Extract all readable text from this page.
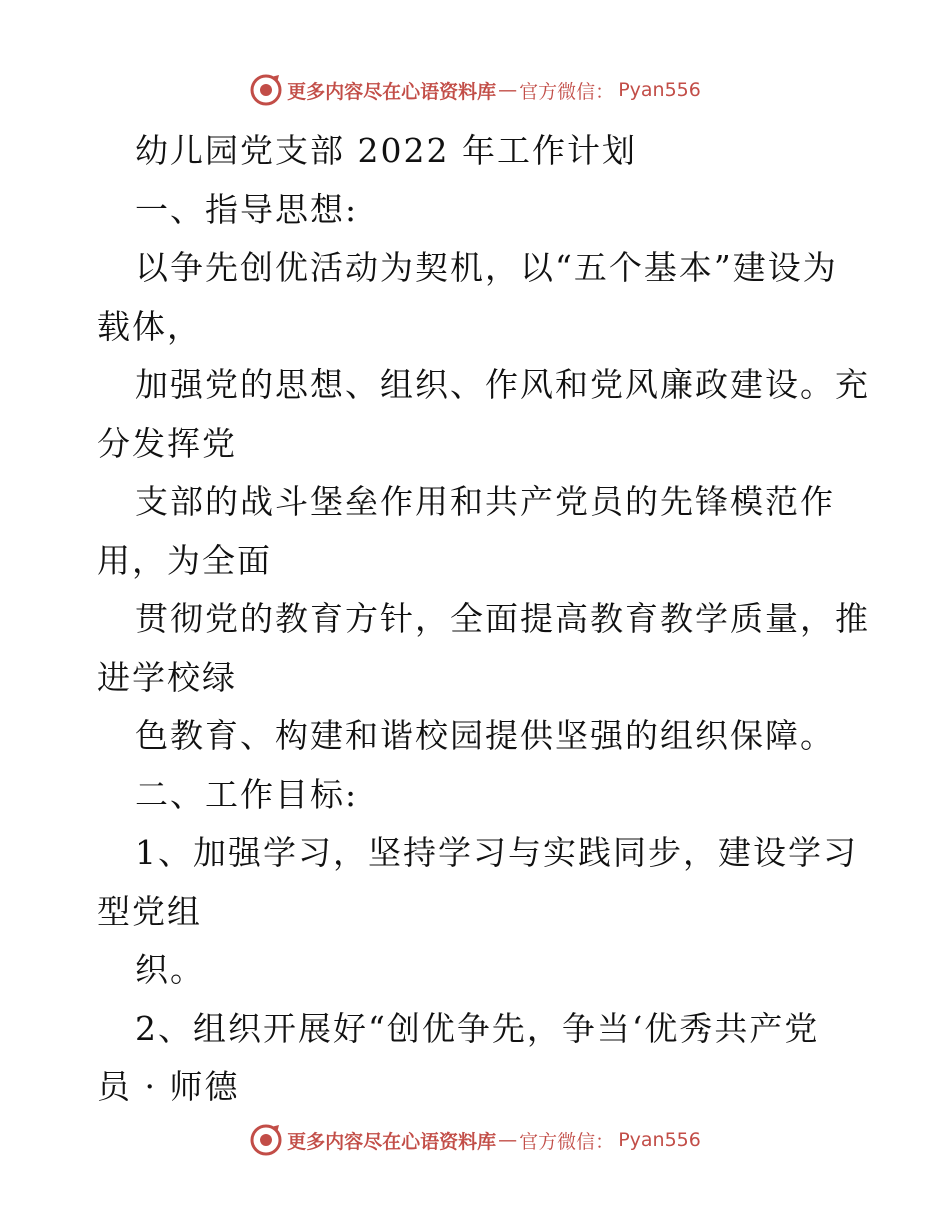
更多内容尽在心语资料库 — 官方微信： Pyan556
幼儿园党支部 2022 年工作计划
一、指导思想:
以争先创优活动为契机，以“五个基本”建设为
载体，
加强党的思想、组织、作风和党风廉政建设。充
分发挥党
支部的战斗堡垒作用和共产党员的先锋模范作
用，为全面
贯彻党的教育方针，全面提高教育教学质量，推
进学校绿
色教育、构建和谐校园提供坚强的组织保障。
二、工作目标:
1、加强学习，坚持学习与实践同步，建设学习
型党组
织。
2、组织开展好“创优争先，争当‘优秀共产党
员 · 师德
更多内容尽在心语资料库 — 官方微信： Pyan556
